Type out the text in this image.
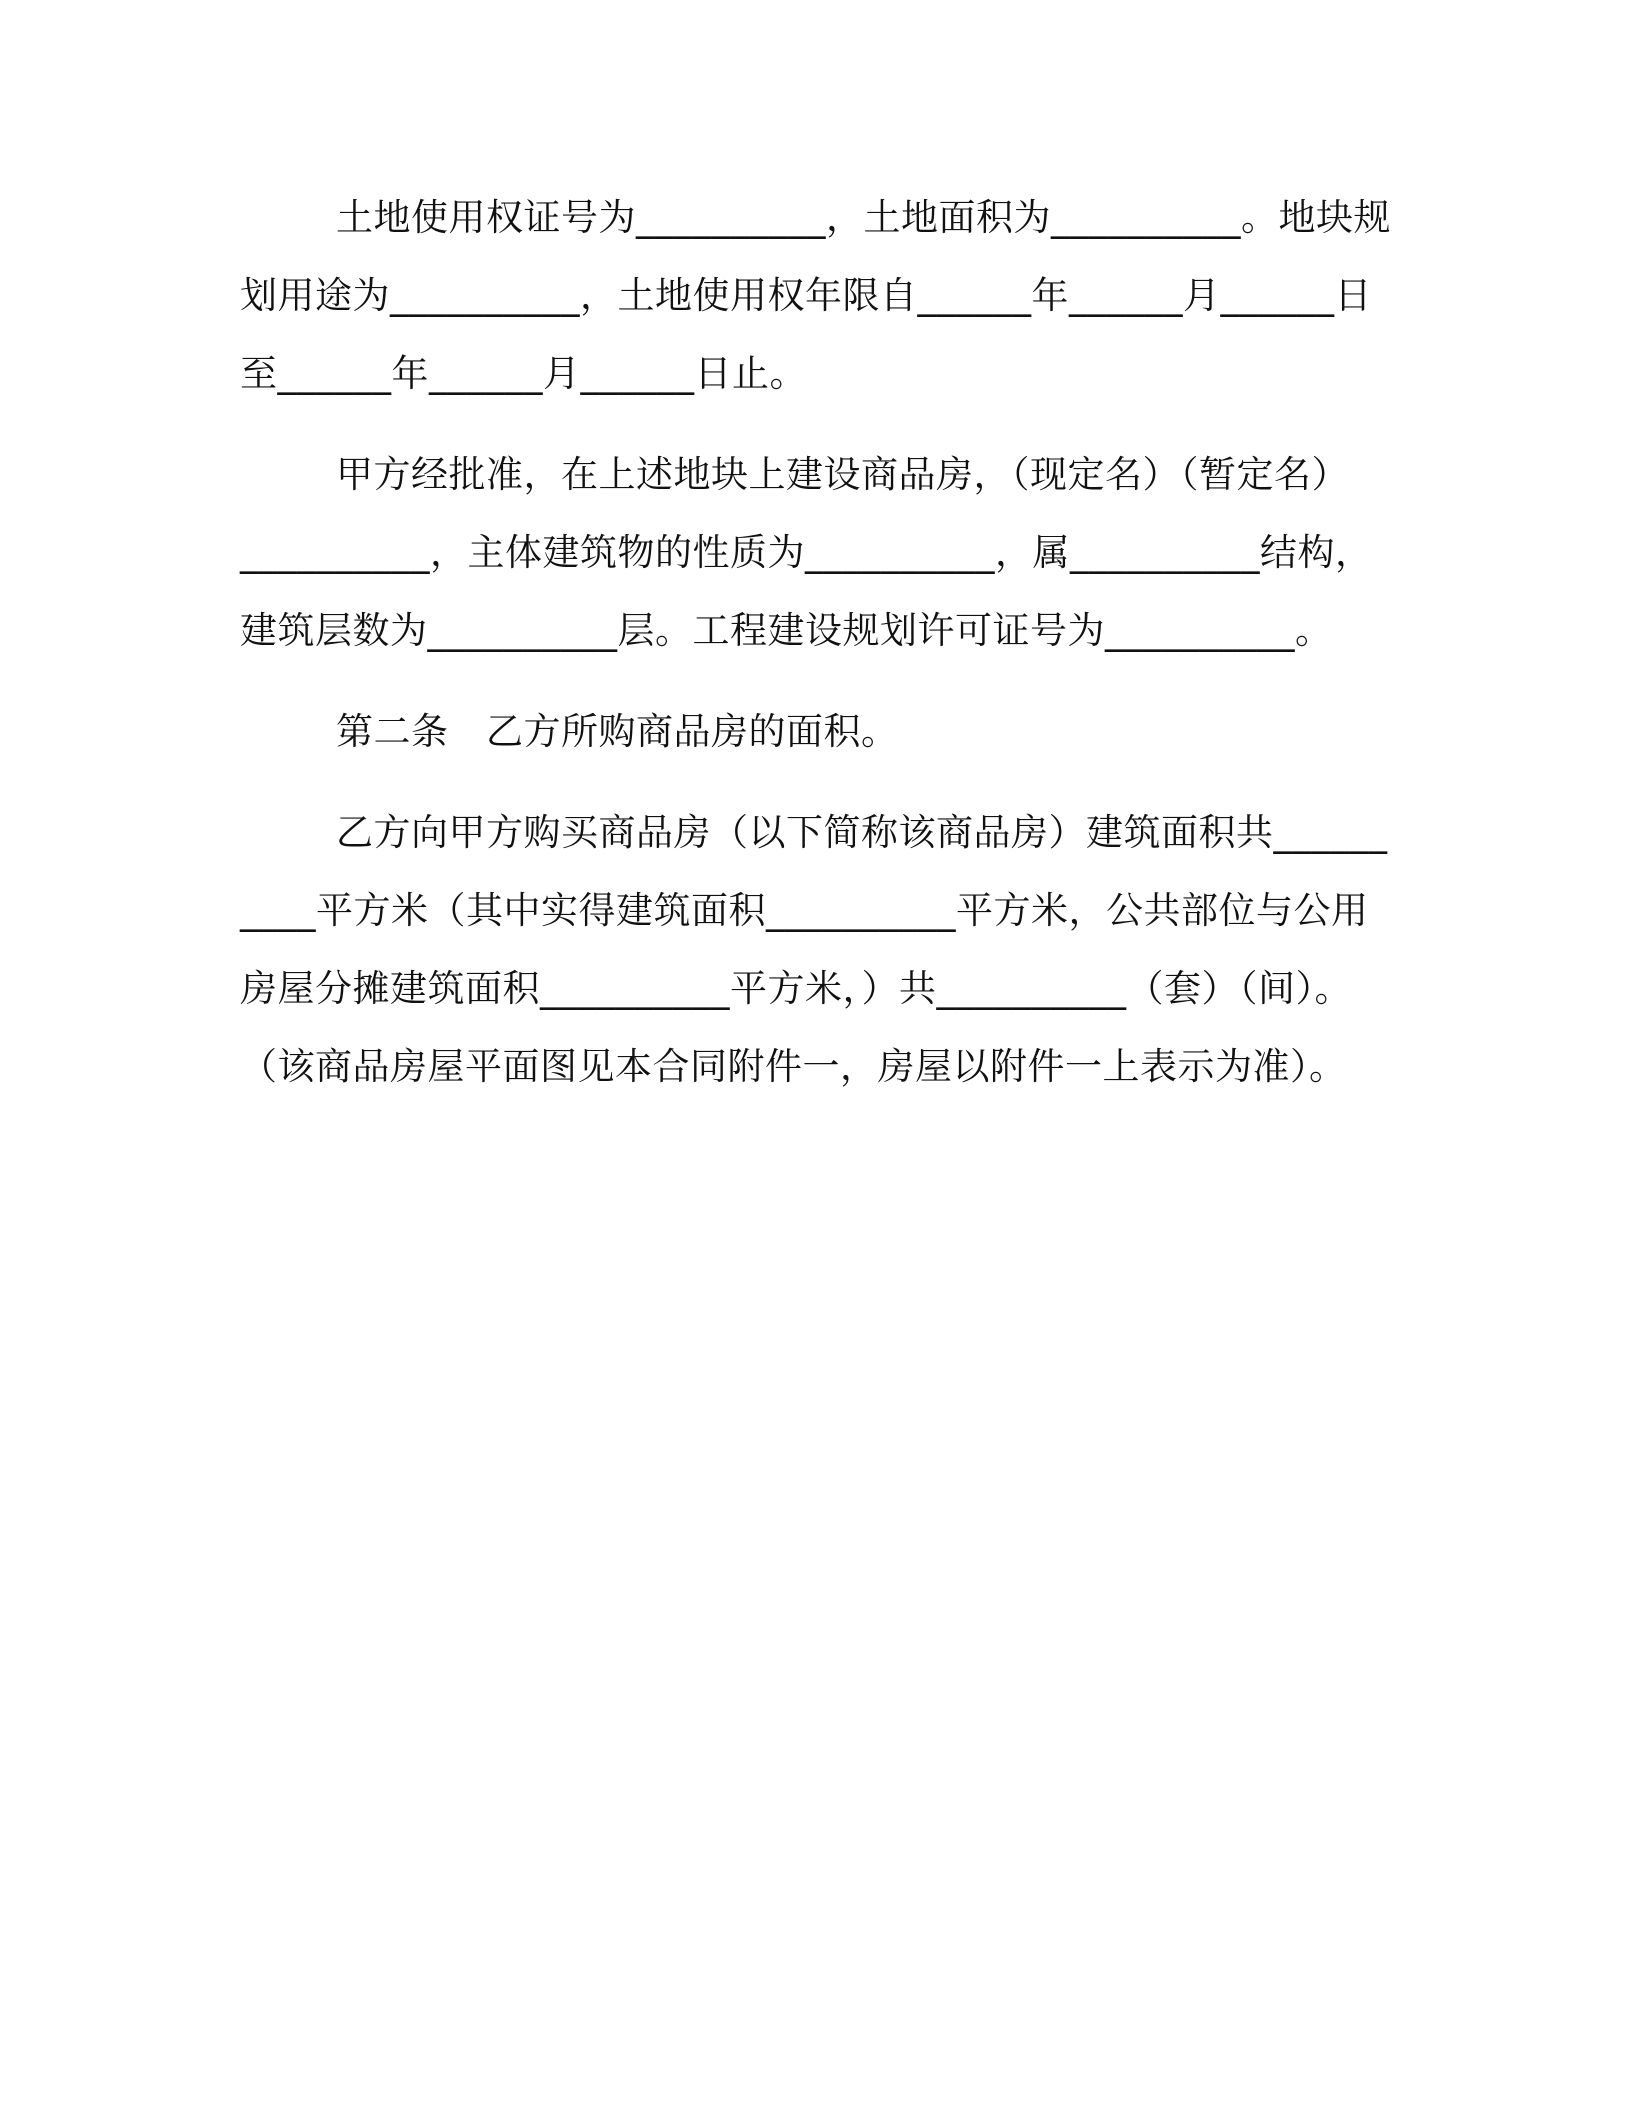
土地使用权证号为__________，土地面积为__________。地块规
划用途为__________，土地使用权年限自______年______月______日
至______年______月______日止。
甲方经批准，在上述地块上建设商品房，（现定名）（暂定名）
__________，主体建筑物的性质为__________，属__________结构，
建筑层数为__________层。工程建设规划许可证号为__________。
第二条　乙方所购商品房的面积。
乙方向甲方购买商品房（以下简称该商品房）建筑面积共______
____平方米（其中实得建筑面积__________平方米，公共部位与公用
房屋分摊建筑面积__________平方米，）共__________（套）（间）。
（该商品房屋平面图见本合同附件一，房屋以附件一上表示为准）。
